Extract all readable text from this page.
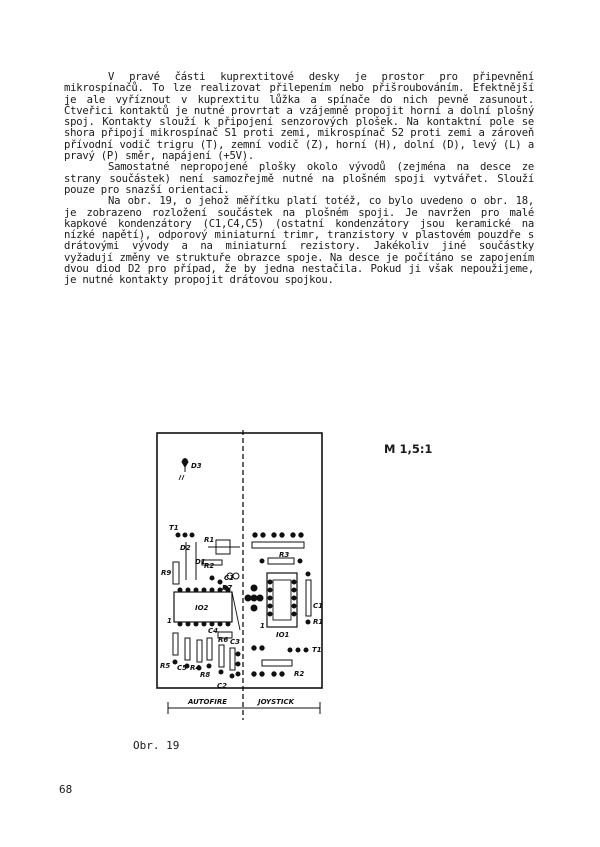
V pravé části kuprextitové desky je prostor pro připevnění mikrospínačů. To lze realizovat přilepením nebo přišroubováním. Efektnější je ale vyříznout v kuprextitu lůžka a spínače do nich pevně zasunout. Čtveřici kontaktů je nutné provrtat a vzájemně propojit horní a dolní plošný spoj. Kontakty slouží k připojení senzorových plošek. Na kontaktní pole se shora připojí mikrospínač S1 proti zemi, mikrospínač S2 proti zemi a zároveň přívodní vodič trigru (T), zemní vodič (Z), horní (H), dolní (D), levý (L) a pravý (P) směr, napájení (+5V).

Samostatné nepropojené plošky okolo vývodů (zejména na desce ze strany součástek) není samozřejmě nutné na plošném spoji vytvářet. Slouží pouze pro snazší orientaci.

Na obr. 19, o jehož měřítku platí totéž, co bylo uvedeno o obr. 18, je zobrazeno rozložení součástek na plošném spoji. Je navržen pro malé kapkové kondenzátory (C1,C4,C5) (ostatní kondenzátory jsou keramické na nízké napětí), odporový miniaturní trimr, tranzistory v plastovém pouzdře s drátovými vývody a na miniaturní rezistory. Jakékoliv jiné součástky vyžadují změny ve struktuře obrazce spoje. Na desce je počítáno se zapojením dvou diod D2 pro případ, že by jedna nestačila. Pokud ji však nepoužijeme, je nutné kontakty propojit drátovou spojkou.

M 1,5:1
D3
T1
D2
R1
D1
R9
R2
C1
R7
IO2
1
C4
R6 C3
R5 C5 R4
R8
C2
R3
C1
R1
1
IO1
T1
R2
AUTOFIRE	JOYSTICK
Obr. 19
68
